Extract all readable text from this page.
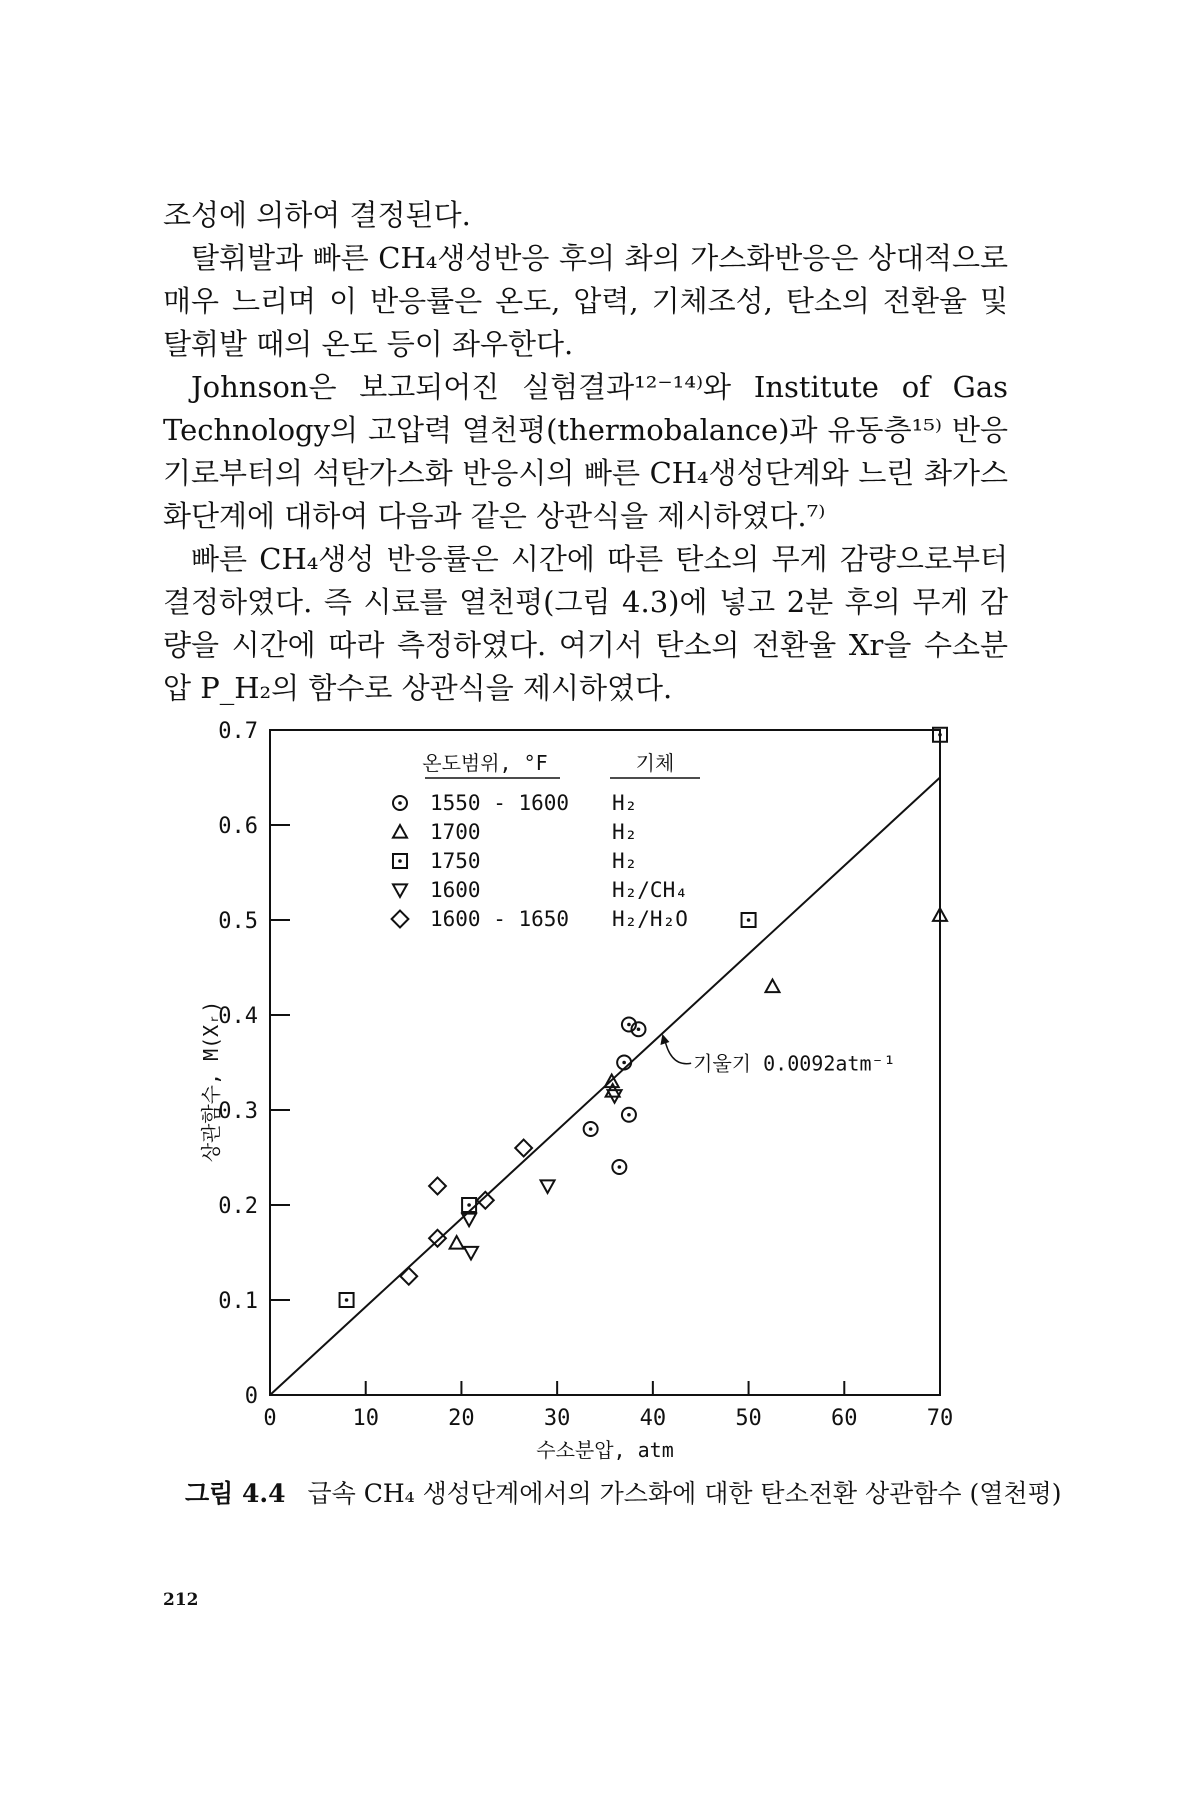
조성에 의하여 결정된다.

탈휘발과 빠른 CH₄생성반응 후의 촤의 가스화반응은 상대적으로 매우 느리며 이 반응률은 온도, 압력, 기체조성, 탄소의 전환율 및 탈휘발 때의 온도 등이 좌우한다.

Johnson은 보고되어진 실험결과¹²⁻¹⁴⁾와 Institute of Gas Technology의 고압력 열천평(thermobalance)과 유동층¹⁵⁾ 반응기로부터의 석탄가스화 반응시의 빠른 CH₄생성단계와 느린 촤가스화단계에 대하여 다음과 같은 상관식을 제시하였다.⁷⁾

빠른 CH₄생성 반응률은 시간에 따른 탄소의 무게 감량으로부터 결정하였다. 즉 시료를 열천평(그림 4.3)에 넣고 2분 후의 무게 감량을 시간에 따라 측정하였다. 여기서 탄소의 전환율 Xr을 수소분압 P_H₂의 함수로 상관식을 제시하였다.

0
0.1
0.2
0.3
0.4
0.5
0.6
0.7
0	10	20	30	40	50	60	70
수소분압, atm
상관함수, M(Xᵣ)
온도범위, °F	기체
1550 - 1600 H₂
1700	H₂
1750	H₂
1600	H₂/CH₄
1600 - 1650 H₂/H₂O
기울기 0.0092atm⁻¹
그림 4.4 급속 CH₄ 생성단계에서의 가스화에 대한 탄소전환 상관함수 (열천평)
212
